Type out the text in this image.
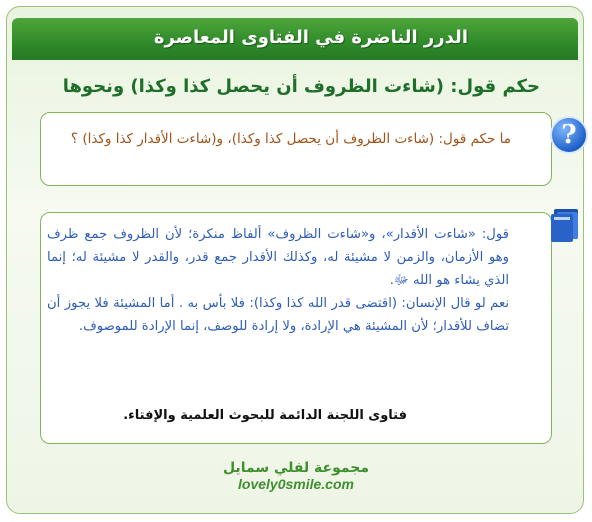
الدرر الناضرة في الفتاوى المعاصرة
حكم قول: (شاءت الظروف أن يحصل كذا وكذا) ونحوها
ما حكم قول: (شاءت الظروف أن يحصل كذا وكذا)، و(شاءت الأقدار كذا وكذا) ؟	?

قول: «شاءت الأقدار»، و«شاءت الظروف» ألفاظ منكرة؛ لأن الظروف جمع ظرف وهو الأزمان، والزمن لا مشيئة له، وكذلك الأقدار جمع قدر، والقدر لا مشيئة له؛ إنما الذي يشاء هو الله ﷻ.

نعم لو قال الإنسان: (اقتضى قدر الله كذا وكذا): فلا بأس به . أما المشيئة فلا يجوز أن تضاف للأقدار؛ لأن المشيئة هي الإرادة، ولا إرادة للوصف، إنما الإرادة للموصوف.

فتاوى اللجنة الدائمة للبحوث العلمية والإفتاء.
مجموعة لفلي سمايل
lovely0smile.com
